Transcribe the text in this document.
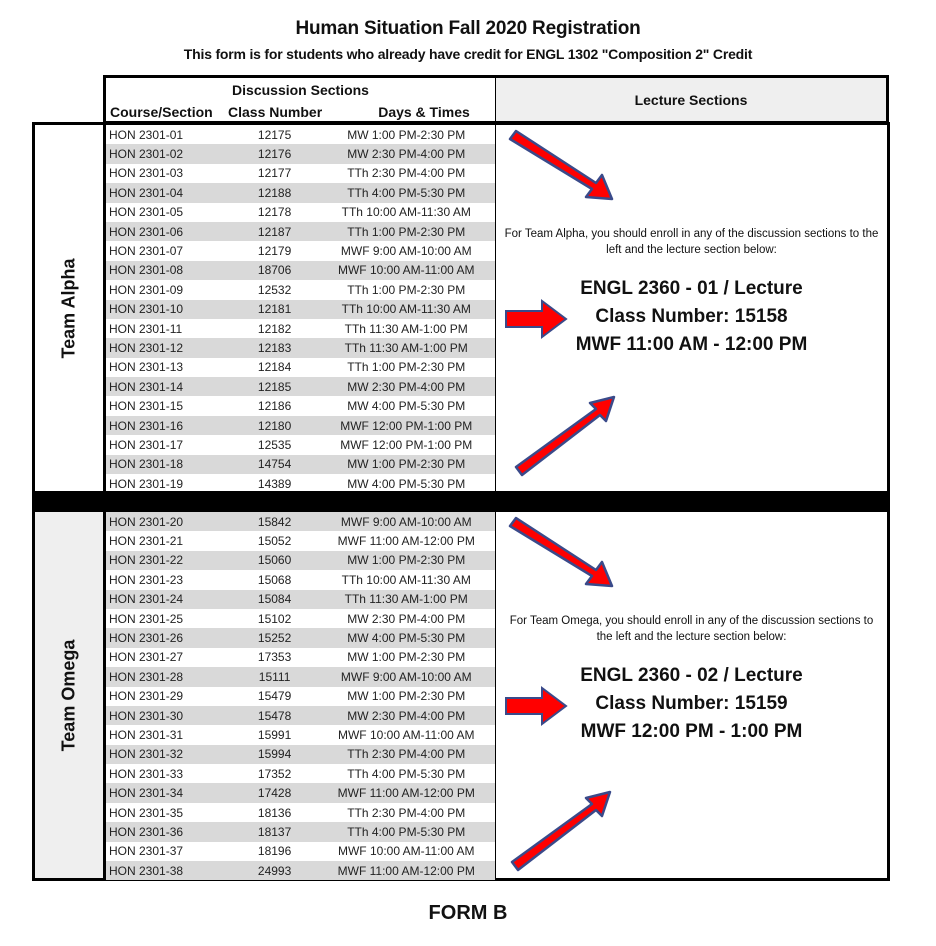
Human Situation Fall 2020 Registration
This form is for students who already have credit for ENGL 1302 "Composition 2" Credit
Discussion Sections
Course/Section	Class Number	Days & Times
Lecture Sections
Team Alpha
HON 2301-01	12175	MW 1:00 PM-2:30 PM
HON 2301-02	12176	MW 2:30 PM-4:00 PM
HON 2301-03	12177	TTh 2:30 PM-4:00 PM
HON 2301-04	12188	TTh 4:00 PM-5:30 PM
HON 2301-05	12178	TTh 10:00 AM-11:30 AM
HON 2301-06	12187	TTh 1:00 PM-2:30 PM
HON 2301-07	12179	MWF 9:00 AM-10:00 AM
HON 2301-08	18706	MWF 10:00 AM-11:00 AM
HON 2301-09	12532	TTh 1:00 PM-2:30 PM
HON 2301-10	12181	TTh 10:00 AM-11:30 AM
HON 2301-11	12182	TTh 11:30 AM-1:00 PM
HON 2301-12	12183	TTh 11:30 AM-1:00 PM
HON 2301-13	12184	TTh 1:00 PM-2:30 PM
HON 2301-14	12185	MW 2:30 PM-4:00 PM
HON 2301-15	12186	MW 4:00 PM-5:30 PM
HON 2301-16	12180	MWF 12:00 PM-1:00 PM
HON 2301-17	12535	MWF 12:00 PM-1:00 PM
HON 2301-18	14754	MW 1:00 PM-2:30 PM
HON 2301-19	14389	MW 4:00 PM-5:30 PM
For Team Alpha, you should enroll in any of the discussion sections to the left and the lecture section below:
ENGL 2360 - 01 / Lecture
Class Number: 15158
MWF 11:00 AM - 12:00 PM
Team Omega
HON 2301-20	15842	MWF 9:00 AM-10:00 AM
HON 2301-21	15052	MWF 11:00 AM-12:00 PM
HON 2301-22	15060	MW 1:00 PM-2:30 PM
HON 2301-23	15068	TTh 10:00 AM-11:30 AM
HON 2301-24	15084	TTh 11:30 AM-1:00 PM
HON 2301-25	15102	MW 2:30 PM-4:00 PM
HON 2301-26	15252	MW 4:00 PM-5:30 PM
HON 2301-27	17353	MW 1:00 PM-2:30 PM
HON 2301-28	15111	MWF 9:00 AM-10:00 AM
HON 2301-29	15479	MW 1:00 PM-2:30 PM
HON 2301-30	15478	MW 2:30 PM-4:00 PM
HON 2301-31	15991	MWF 10:00 AM-11:00 AM
HON 2301-32	15994	TTh 2:30 PM-4:00 PM
HON 2301-33	17352	TTh 4:00 PM-5:30 PM
HON 2301-34	17428	MWF 11:00 AM-12:00 PM
HON 2301-35	18136	TTh 2:30 PM-4:00 PM
HON 2301-36	18137	TTh 4:00 PM-5:30 PM
HON 2301-37	18196	MWF 10:00 AM-11:00 AM
HON 2301-38	24993	MWF 11:00 AM-12:00 PM
For Team Omega, you should enroll in any of the discussion sections to the left and the lecture section below:
ENGL 2360 - 02 / Lecture
Class Number: 15159
MWF 12:00 PM - 1:00 PM
FORM B
